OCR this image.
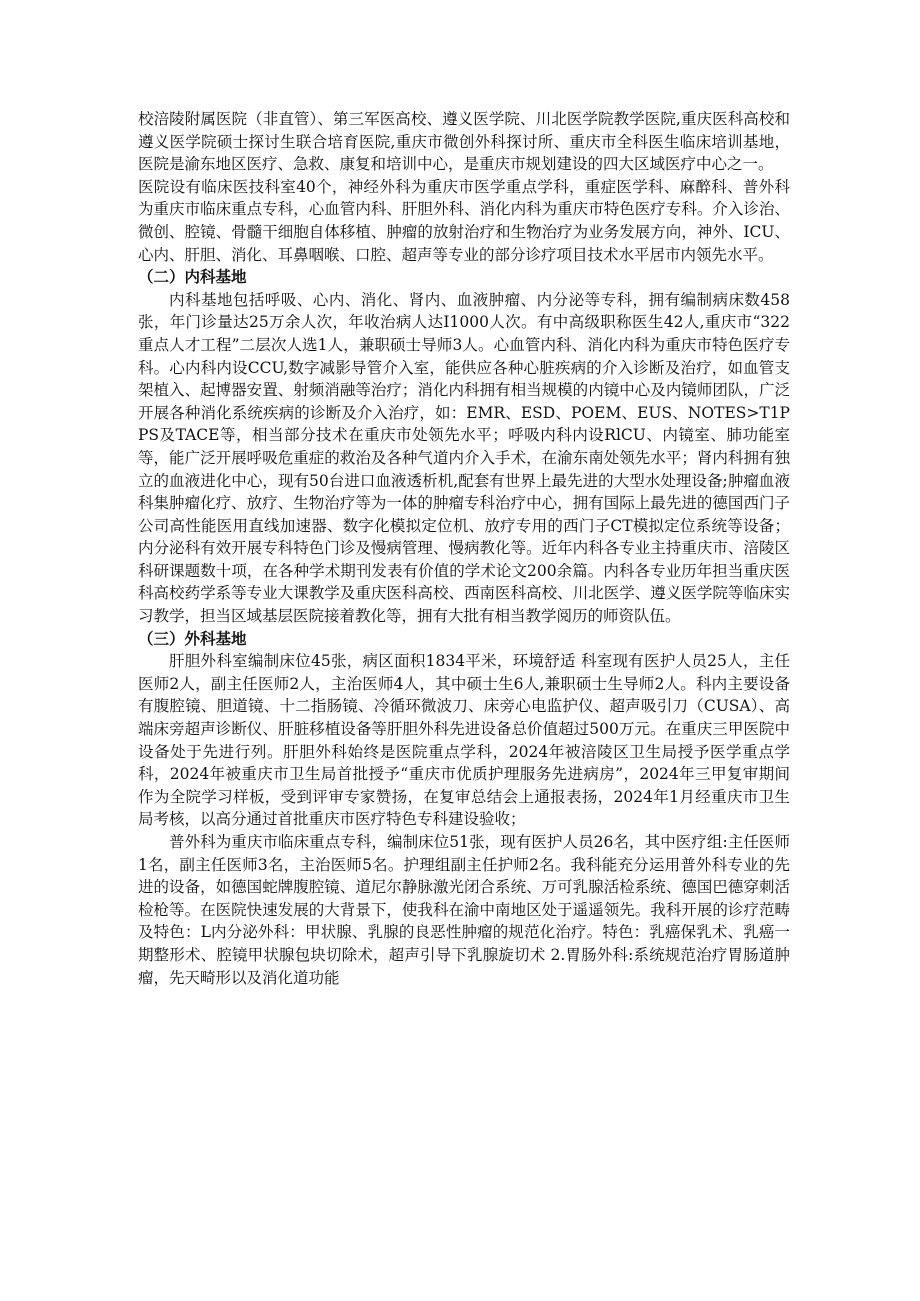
校涪陵附属医院（非直管）、第三军医高校、遵义医学院、川北医学院教学医院,重庆医科高校和遵义医学院硕士探讨生联合培育医院,重庆市微创外科探讨所、重庆市全科医生临床培训基地，医院是渝东地区医疗、急救、康复和培训中心，是重庆市规划建设的四大区域医疗中心之一。

医院设有临床医技科室40个，神经外科为重庆市医学重点学科，重症医学科、麻醉科、普外科为重庆市临床重点专科，心血管内科、肝胆外科、消化内科为重庆市特色医疗专科。介入诊治、微创、腔镜、骨髓干细胞自体移植、肿瘤的放射治疗和生物治疗为业务发展方向，神外、ICU、心内、肝胆、消化、耳鼻咽喉、口腔、超声等专业的部分诊疗项目技术水平居市内领先水平。

（二）内科基地

内科基地包括呼吸、心内、消化、肾内、血液肿瘤、内分泌等专科，拥有编制病床数458张，年门诊量达25万余人次，年收治病人达I1000人次。有中高级职称医生42人,重庆市“322重点人才工程”二层次人选1人，兼职硕士导师3人。心血管内科、消化内科为重庆市特色医疗专科。心内科内设CCU,数字减影导管介入室，能供应各种心脏疾病的介入诊断及治疗，如血管支架植入、起博器安置、射频消融等治疗；消化内科拥有相当规模的内镜中心及内镜师团队，广泛开展各种消化系统疾病的诊断及介入治疗，如：EMR、ESD、POEM、EUS、NOTES>T1PPS及TACE等，相当部分技术在重庆市处领先水平；呼吸内科内设RlCU、内镜室、肺功能室等，能广泛开展呼吸危重症的救治及各种气道内介入手术，在渝东南处领先水平；肾内科拥有独立的血液进化中心，现有50台进口血液透析机,配套有世界上最先进的大型水处理设备;肿瘤血液科集肿瘤化疗、放疗、生物治疗等为一体的肿瘤专科治疗中心，拥有国际上最先进的德国西门子公司高性能医用直线加速器、数字化模拟定位机、放疗专用的西门子CT模拟定位系统等设备；内分泌科有效开展专科特色门诊及慢病管理、慢病教化等。近年内科各专业主持重庆市、涪陵区科研课题数十项，在各种学术期刊发表有价值的学术论文200余篇。内科各专业历年担当重庆医科高校药学系等专业大课教学及重庆医科高校、西南医科高校、川北医学、遵义医学院等临床实习教学，担当区域基层医院接着教化等，拥有大批有相当教学阅历的师资队伍。

（三）外科基地

肝胆外科室编制床位45张，病区面积1834平米，环境舒适 科室现有医护人员25人，主任医师2人，副主任医师2人，主治医师4人，其中硕士生6人,兼职硕士生导师2人。科内主要设备有腹腔镜、胆道镜、十二指肠镜、冷循环微波刀、床旁心电监护仪、超声吸引刀（CUSA）、高端床旁超声诊断仪、肝脏移植设备等肝胆外科先进设备总价值超过500万元。在重庆三甲医院中设备处于先进行列。肝胆外科始终是医院重点学科，2024年被涪陵区卫生局授予医学重点学科，2024年被重庆市卫生局首批授予“重庆市优质护理服务先进病房”，2024年三甲复审期间作为全院学习样板，受到评审专家赞扬，在复审总结会上通报表扬，2024年1月经重庆市卫生局考核，以高分通过首批重庆市医疗特色专科建设验收；

普外科为重庆市临床重点专科，编制床位51张，现有医护人员26名，其中医疗组:主任医师1名，副主任医师3名，主治医师5名。护理组副主任护师2名。我科能充分运用普外科专业的先进的设备，如德国蛇牌腹腔镜、道尼尔静脉激光闭合系统、万可乳腺活检系统、德国巴德穿刺活检枪等。在医院快速发展的大背景下，使我科在渝中南地区处于遥遥领先。我科开展的诊疗范畴及特色：L内分泌外科：甲状腺、乳腺的良恶性肿瘤的规范化治疗。特色：乳癌保乳术、乳癌一期整形术、腔镜甲状腺包块切除术，超声引导下乳腺旋切术 2.胃肠外科:系统规范治疗胃肠道肿瘤，先天畸形以及消化道功能
